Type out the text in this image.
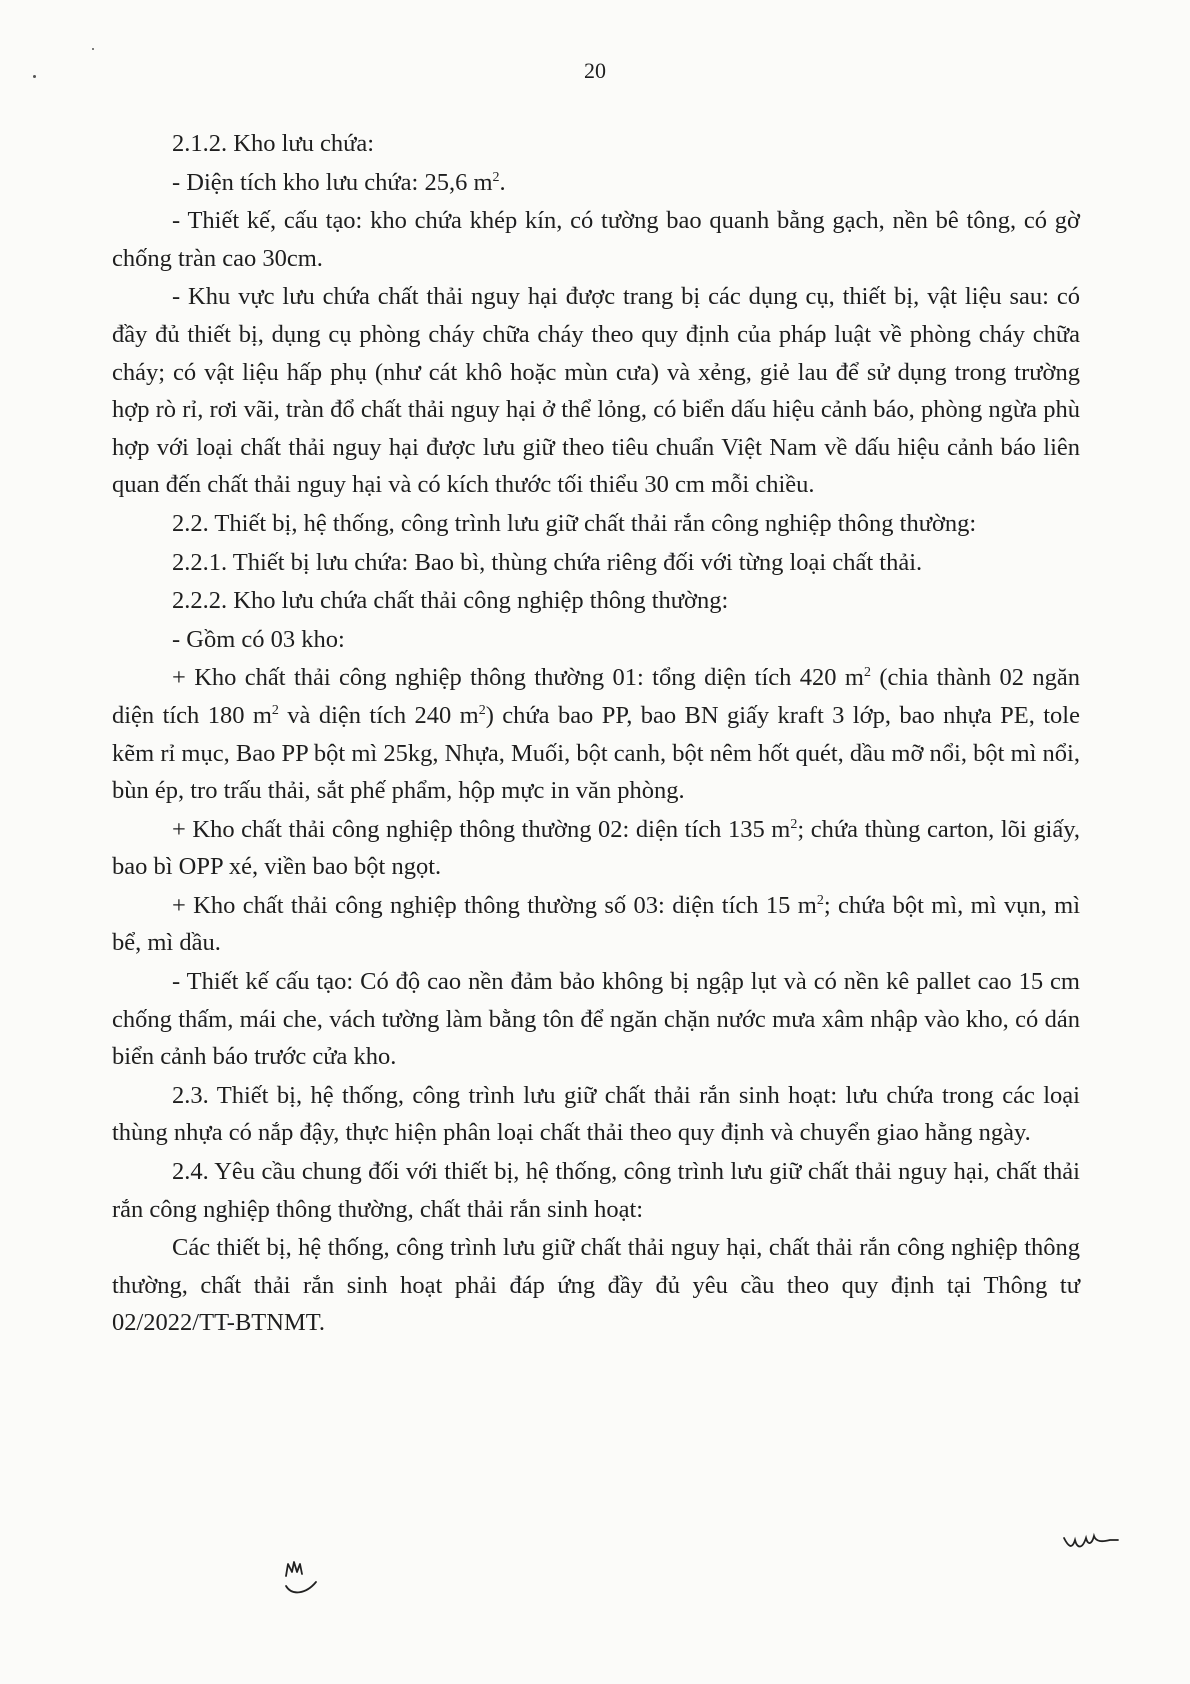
20

2.1.2. Kho lưu chứa:

- Diện tích kho lưu chứa: 25,6 $m^2$.

- Thiết kế, cấu tạo: kho chứa khép kín, có tường bao quanh bằng gạch, nền bê tông, có gờ chống tràn cao 30cm.

- Khu vực lưu chứa chất thải nguy hại được trang bị các dụng cụ, thiết bị, vật liệu sau: có đầy đủ thiết bị, dụng cụ phòng cháy chữa cháy theo quy định của pháp luật về phòng cháy chữa cháy; có vật liệu hấp phụ (như cát khô hoặc mùn cưa) và xẻng, giẻ lau để sử dụng trong trường hợp rò rỉ, rơi vãi, tràn đổ chất thải nguy hại ở thể lỏng, có biển dấu hiệu cảnh báo, phòng ngừa phù hợp với loại chất thải nguy hại được lưu giữ theo tiêu chuẩn Việt Nam về dấu hiệu cảnh báo liên quan đến chất thải nguy hại và có kích thước tối thiểu 30 cm mỗi chiều.

2.2. Thiết bị, hệ thống, công trình lưu giữ chất thải rắn công nghiệp thông thường:

2.2.1. Thiết bị lưu chứa: Bao bì, thùng chứa riêng đối với từng loại chất thải.

2.2.2. Kho lưu chứa chất thải công nghiệp thông thường:

- Gồm có 03 kho:

+ Kho chất thải công nghiệp thông thường 01: tổng diện tích 420 $m^2$ (chia thành 02 ngăn diện tích 180 $m^2$ và diện tích 240 $m^2$) chứa bao PP, bao BN giấy kraft 3 lớp, bao nhựa PE, tole kẽm rỉ mục, Bao PP bột mì 25kg, Nhựa, Muối, bột canh, bột nêm hốt quét, dầu mỡ nổi, bột mì nổi, bùn ép, tro trấu thải, sắt phế phẩm, hộp mực in văn phòng.

+ Kho chất thải công nghiệp thông thường 02: diện tích 135 $m^2$; chứa thùng carton, lõi giấy, bao bì OPP xé, viền bao bột ngọt.

+ Kho chất thải công nghiệp thông thường số 03: diện tích 15 $m^2$; chứa bột mì, mì vụn, mì bể, mì dầu.

- Thiết kế cấu tạo: Có độ cao nền đảm bảo không bị ngập lụt và có nền kê pallet cao 15 cm chống thấm, mái che, vách tường làm bằng tôn để ngăn chặn nước mưa xâm nhập vào kho, có dán biển cảnh báo trước cửa kho.

2.3. Thiết bị, hệ thống, công trình lưu giữ chất thải rắn sinh hoạt: lưu chứa trong các loại thùng nhựa có nắp đậy, thực hiện phân loại chất thải theo quy định và chuyển giao hằng ngày.

2.4. Yêu cầu chung đối với thiết bị, hệ thống, công trình lưu giữ chất thải nguy hại, chất thải rắn công nghiệp thông thường, chất thải rắn sinh hoạt:

Các thiết bị, hệ thống, công trình lưu giữ chất thải nguy hại, chất thải rắn công nghiệp thông thường, chất thải rắn sinh hoạt phải đáp ứng đầy đủ yêu cầu theo quy định tại Thông tư 02/2022/TT-BTNMT.
